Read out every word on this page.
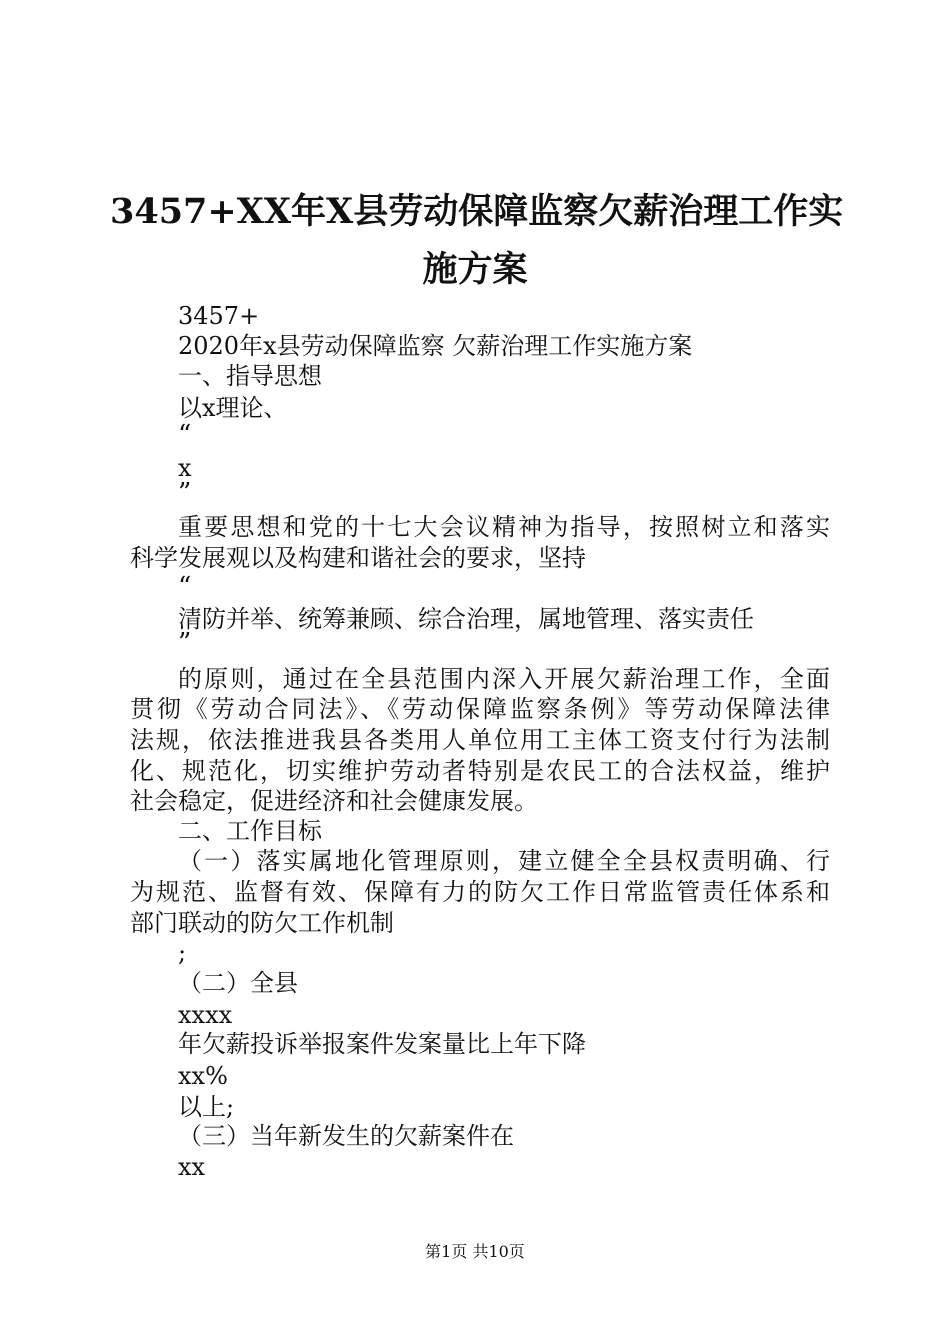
3457+XX年X县劳动保障监察欠薪治理工作实
施方案

3457+

2020年x县劳动保障监察 欠薪治理工作实施方案

一、指导思想

以x理论、

“

x

”

重要思想和党的十七大会议精神为指导，按照树立和落实

科学发展观以及构建和谐社会的要求，坚持

“

清防并举、统筹兼顾、综合治理，属地管理、落实责任

”

的原则，通过在全县范围内深入开展欠薪治理工作，全面

贯彻《劳动合同法》、《劳动保障监察条例》等劳动保障法律

法规，依法推进我县各类用人单位用工主体工资支付行为法制

化、规范化，切实维护劳动者特别是农民工的合法权益，维护

社会稳定，促进经济和社会健康发展。

二、工作目标

（一）落实属地化管理原则，建立健全全县权责明确、行

为规范、监督有效、保障有力的防欠工作日常监管责任体系和

部门联动的防欠工作机制

;

（二）全县

xxxx

年欠薪投诉举报案件发案量比上年下降

xx%

以上;

（三）当年新发生的欠薪案件在

xx

第1页 共10页
